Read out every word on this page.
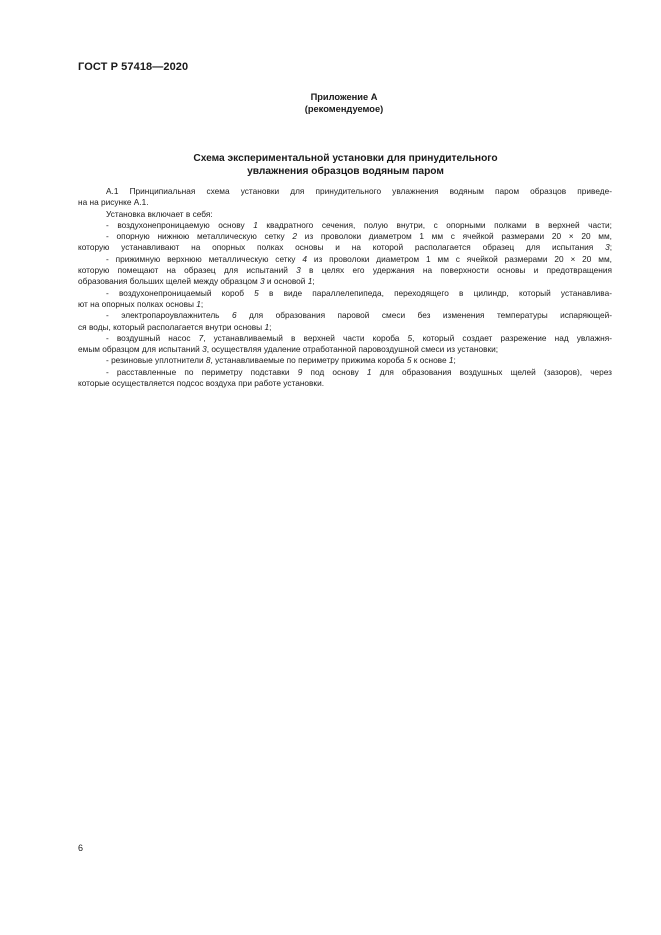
ГОСТ Р 57418—2020
Приложение А
(рекомендуемое)
Схема экспериментальной установки для принудительного
увлажнения образцов водяным паром

А.1 Принципиальная схема установки для принудительного увлажнения водяным паром образцов приведе-

на на рисунке А.1.

Установка включает в себя:

- воздухонепроницаемую основу 1 квадратного сечения, полую внутри, с опорными полками в верхней части;

- опорную нижнюю металлическую сетку 2 из проволоки диаметром 1 мм с ячейкой размерами 20 × 20 мм,

которую устанавливают на опорных полках основы и на которой располагается образец для испытания 3;

- прижимную верхнюю металлическую сетку 4 из проволоки диаметром 1 мм с ячейкой размерами 20 × 20 мм,

которую помещают на образец для испытаний 3 в целях его удержания на поверхности основы и предотвращения

образования больших щелей между образцом 3 и основой 1;

- воздухонепроницаемый короб 5 в виде параллелепипеда, переходящего в цилиндр, который устанавлива-

ют на опорных полках основы 1;

- электропароувлажнитель 6 для образования паровой смеси без изменения температуры испаряющей-

ся воды, который располагается внутри основы 1;

- воздушный насос 7, устанавливаемый в верхней части короба 5, который создает разрежение над увлажня-

емым образцом для испытаний 3, осуществляя удаление отработанной паровоздушной смеси из установки;

- резиновые уплотнители 8, устанавливаемые по периметру прижима короба 5 к основе 1;

- расставленные по периметру подставки 9 под основу 1 для образования воздушных щелей (зазоров), через

которые осуществляется подсос воздуха при работе установки.

6
